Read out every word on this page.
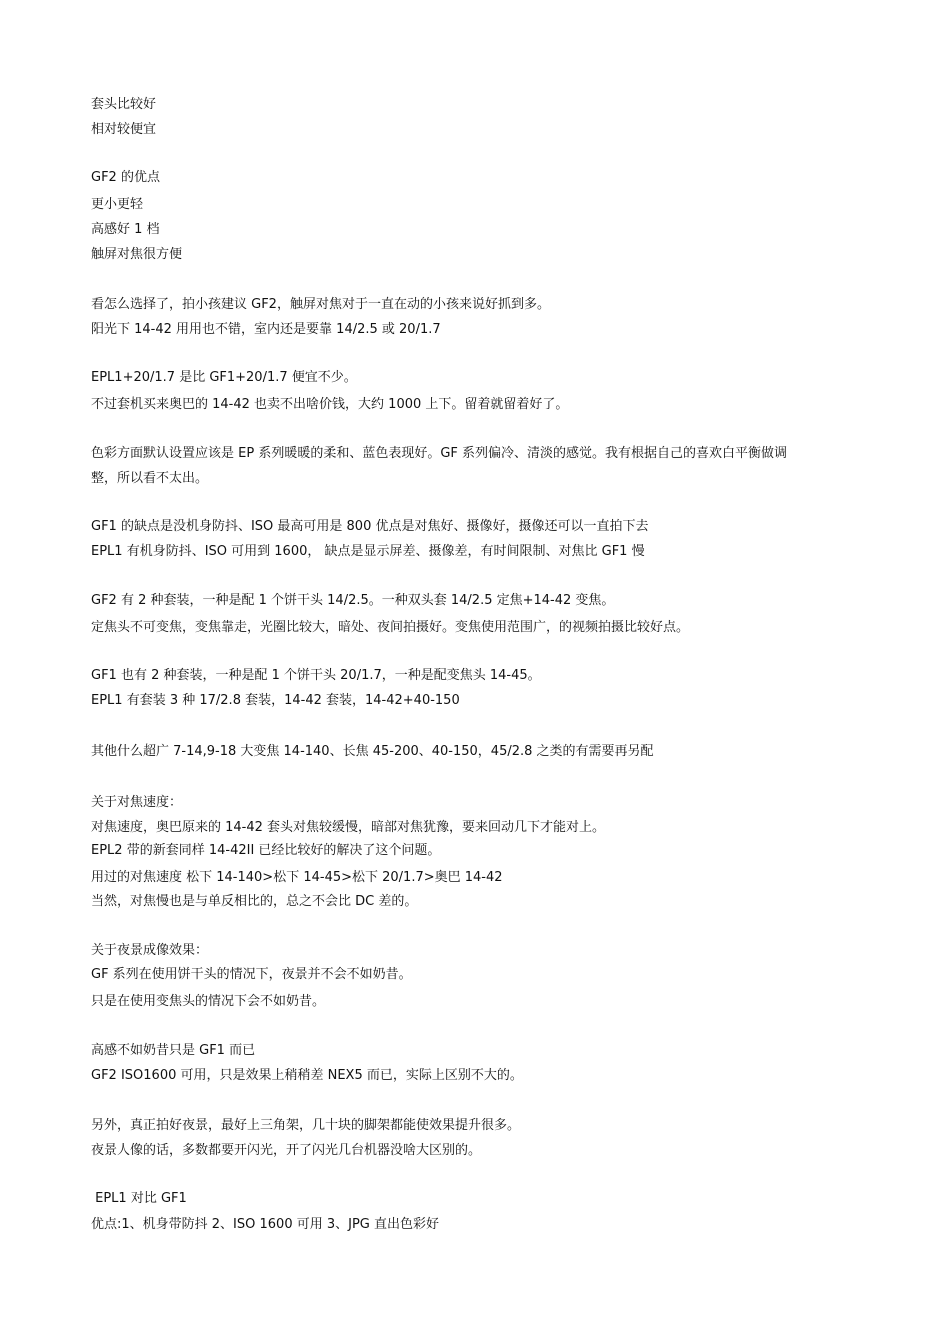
套头比较好
相对较便宜
GF2 的优点
更小更轻
高感好 1 档
触屏对焦很方便
看怎么选择了，拍小孩建议 GF2，触屏对焦对于一直在动的小孩来说好抓到多。
阳光下 14-42 用用也不错，室内还是要靠 14/2.5 或 20/1.7
EPL1+20/1.7 是比 GF1+20/1.7 便宜不少。
不过套机买来奥巴的 14-42 也卖不出啥价钱，大约 1000 上下。留着就留着好了。
色彩方面默认设置应该是 EP 系列暖暖的柔和、蓝色表现好。GF 系列偏冷、清淡的感觉。我有根据自己的喜欢白平衡做调
整，所以看不太出。
GF1 的缺点是没机身防抖、ISO 最高可用是 800 优点是对焦好、摄像好，摄像还可以一直拍下去
EPL1 有机身防抖、ISO 可用到 1600， 缺点是显示屏差、摄像差，有时间限制、对焦比 GF1 慢
GF2 有 2 种套装，一种是配 1 个饼干头 14/2.5。一种双头套 14/2.5 定焦+14-42 变焦。
定焦头不可变焦，变焦靠走，光圈比较大，暗处、夜间拍摄好。变焦使用范围广，的视频拍摄比较好点。
GF1 也有 2 种套装，一种是配 1 个饼干头 20/1.7，一种是配变焦头 14-45。
EPL1 有套装 3 种 17/2.8 套装，14-42 套装，14-42+40-150
其他什么超广 7-14,9-18 大变焦 14-140、长焦 45-200、40-150，45/2.8 之类的有需要再另配
关于对焦速度：
对焦速度，奥巴原来的 14-42 套头对焦较缓慢，暗部对焦犹豫，要来回动几下才能对上。
EPL2 带的新套同样 14-42II 已经比较好的解决了这个问题。
用过的对焦速度 松下 14-140>松下 14-45>松下 20/1.7>奥巴 14-42
当然，对焦慢也是与单反相比的，总之不会比 DC 差的。
关于夜景成像效果：
GF 系列在使用饼干头的情况下，夜景并不会不如奶昔。
只是在使用变焦头的情况下会不如奶昔。
高感不如奶昔只是 GF1 而已
GF2 ISO1600 可用，只是效果上稍稍差 NEX5 而已，实际上区别不大的。
另外，真正拍好夜景，最好上三角架，几十块的脚架都能使效果提升很多。
夜景人像的话，多数都要开闪光，开了闪光几台机器没啥大区别的。
EPL1 对比 GF1
优点:1、机身带防抖 2、ISO 1600 可用 3、JPG 直出色彩好
